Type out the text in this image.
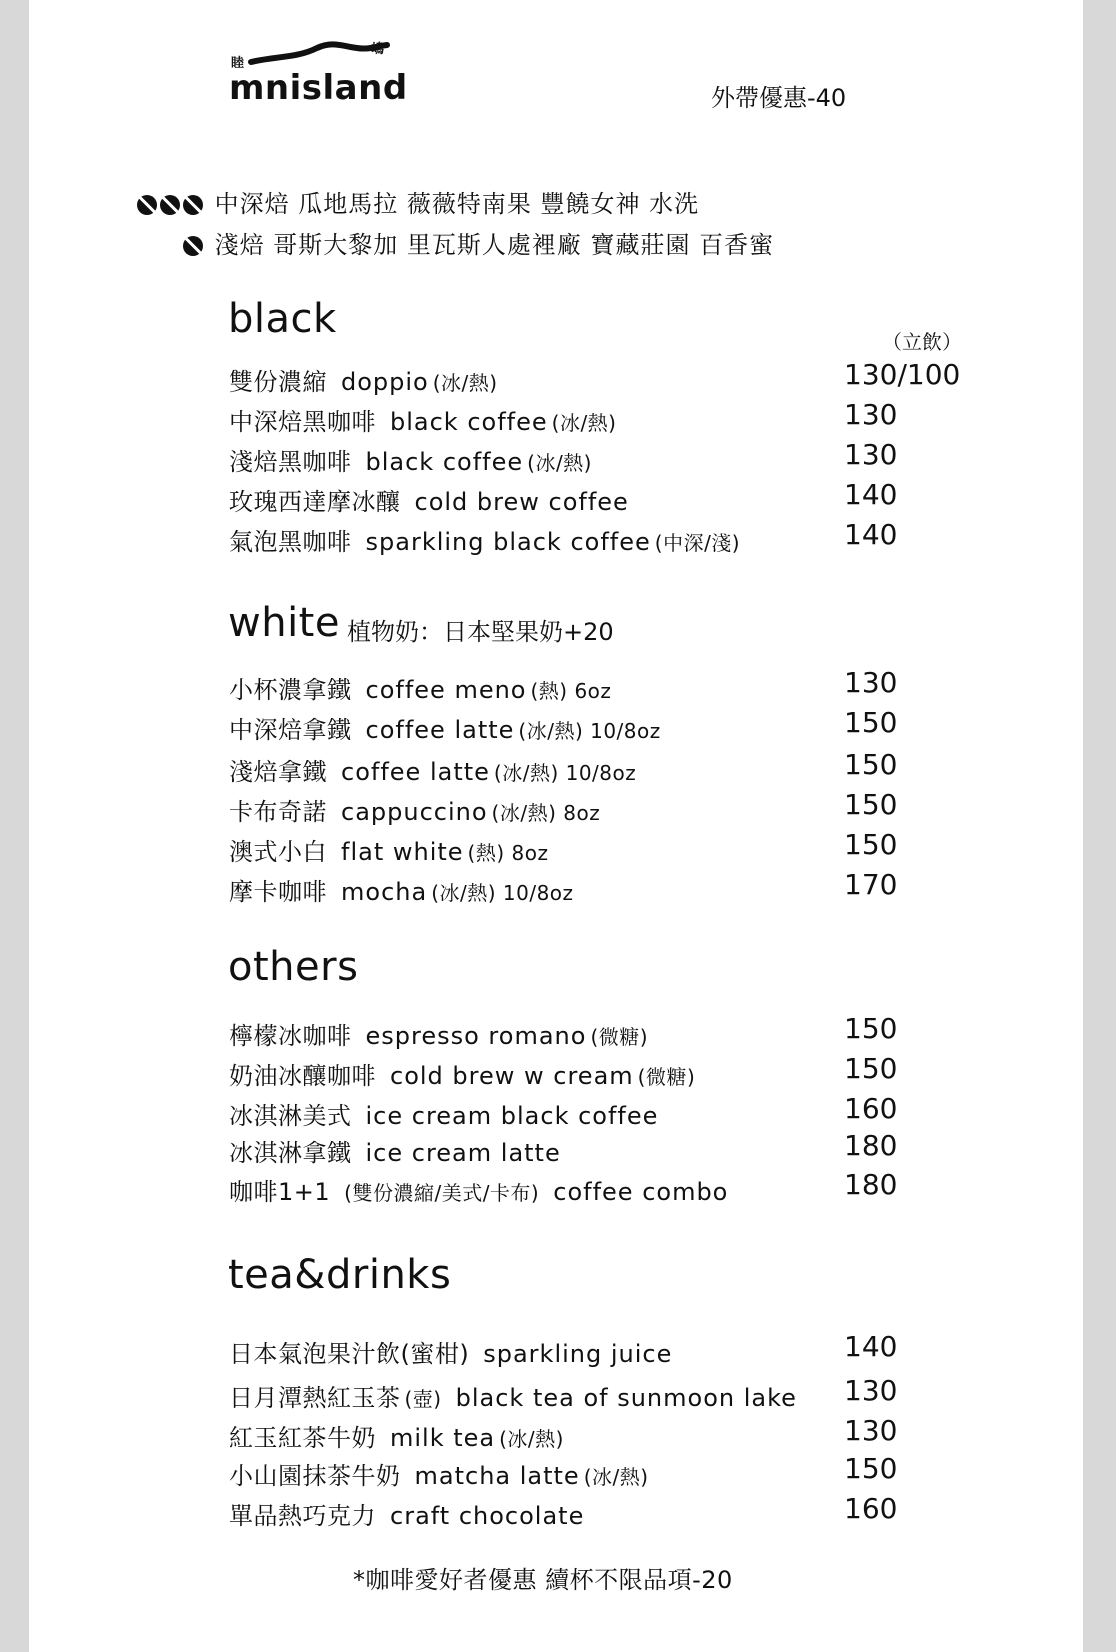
睦
嶋
mnisland	外帶優惠-40
中深焙 瓜地馬拉 薇薇特南果 豐饒女神 水洗
淺焙 哥斯大黎加 里瓦斯人處裡廠 寶藏莊園 百香蜜
black	（立飲）
雙份濃縮 doppio (冰/熱)	130/100
中深焙黑咖啡 black coffee (冰/熱)	130
淺焙黑咖啡 black coffee (冰/熱)	130
玫瑰西達摩冰釀 cold brew coffee	140
氣泡黑咖啡 sparkling black coffee (中深/淺)	140
white 植物奶：日本堅果奶+20
小杯濃拿鐵 coffee meno (熱) 6oz	130
中深焙拿鐵 coffee latte (冰/熱) 10/8oz	150
淺焙拿鐵 coffee latte (冰/熱) 10/8oz	150
卡布奇諾 cappuccino (冰/熱) 8oz	150
澳式小白 flat white (熱) 8oz	150
摩卡咖啡 mocha (冰/熱) 10/8oz	170
others
檸檬冰咖啡 espresso romano (微糖)	150
奶油冰釀咖啡 cold brew w cream (微糖)	150
冰淇淋美式 ice cream black coffee	160
冰淇淋拿鐵 ice cream latte	180
咖啡1+1 (雙份濃縮/美式/卡布) coffee combo	180
tea&drinks
日本氣泡果汁飲(蜜柑) sparkling juice	140
日月潭熱紅玉茶 (壺) black tea of sunmoon lake 130
紅玉紅茶牛奶 milk tea (冰/熱)	130
小山園抹茶牛奶 matcha latte (冰/熱)	150
單品熱巧克力 craft chocolate	160
*咖啡愛好者優惠 續杯不限品項-20
